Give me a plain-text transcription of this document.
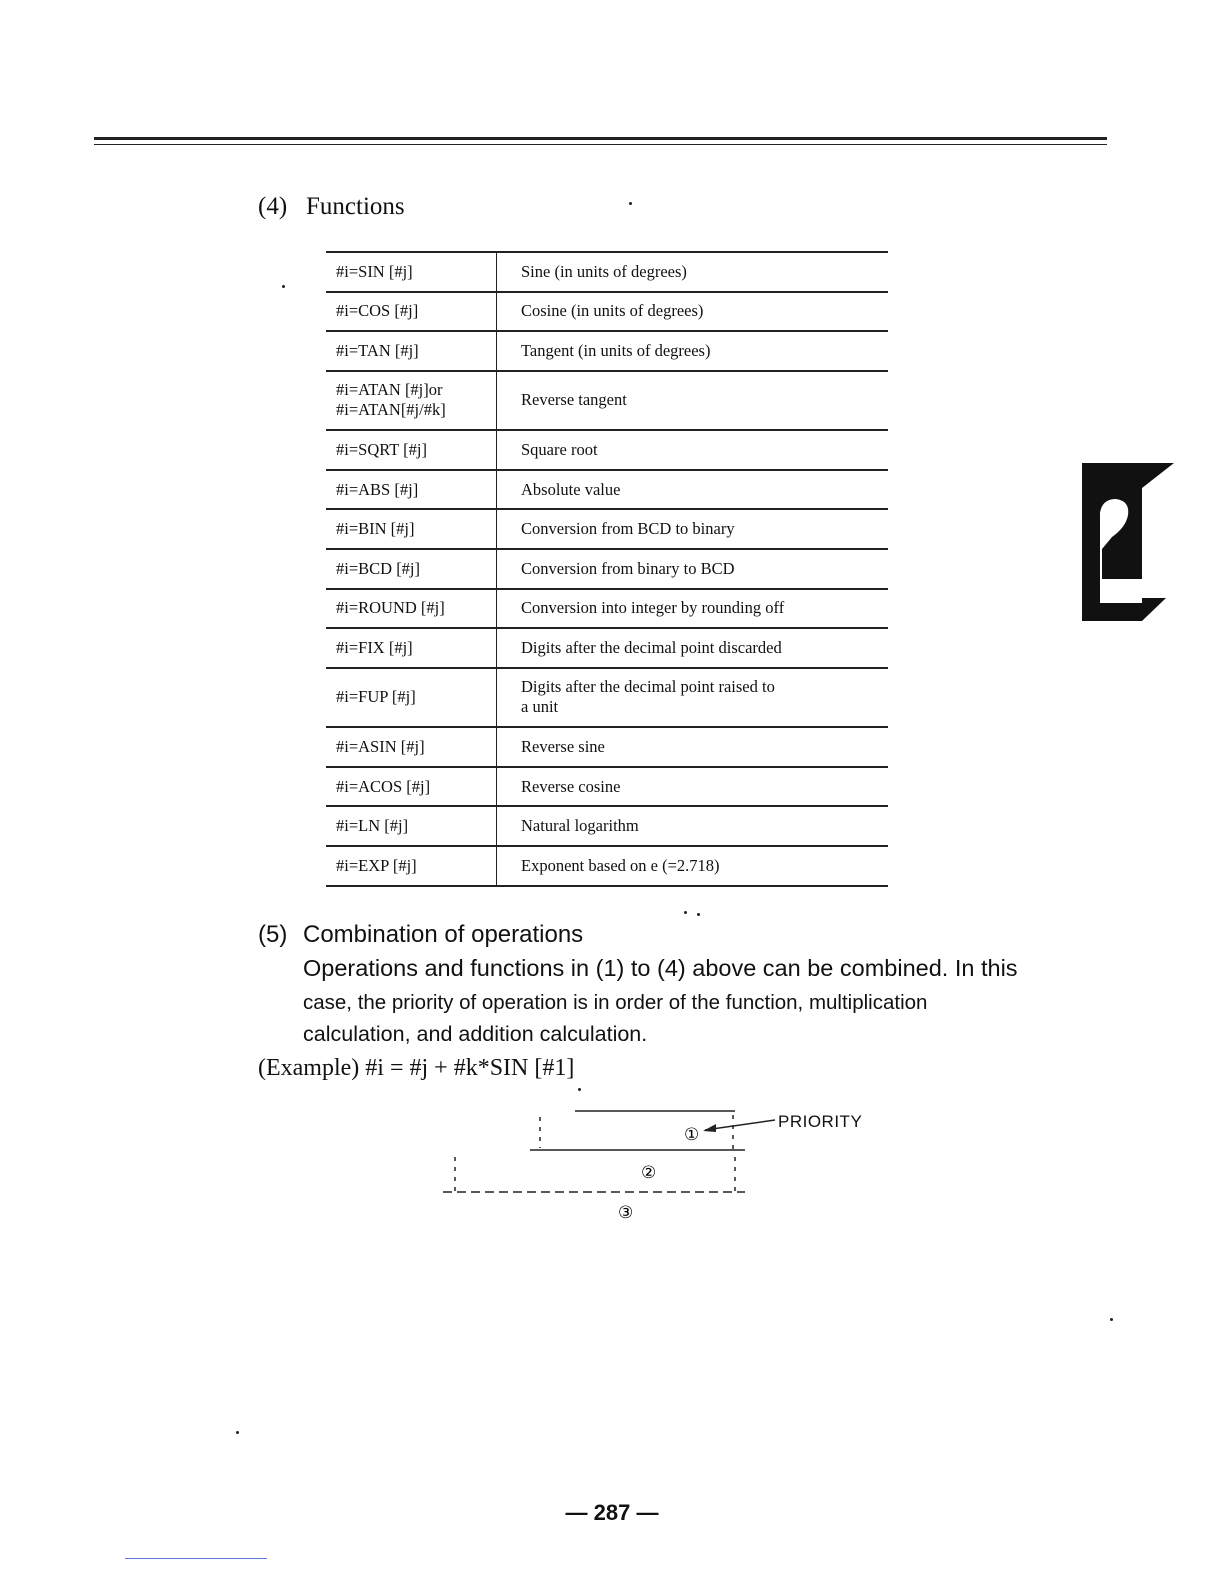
(4) Functions
#i=SIN [#j]	Sine (in units of degrees)

#i=COS [#j]	Cosine (in units of degrees)

#i=TAN [#j]	Tangent (in units of degrees)

#i=ATAN [#j]or
#i=ATAN[#j/#k]	Reverse tangent

#i=SQRT [#j]	Square root

#i=ABS [#j]	Absolute value

#i=BIN [#j]	Conversion from BCD to binary

#i=BCD [#j]	Conversion from binary to BCD

#i=ROUND [#j]	Conversion into integer by rounding off

#i=FIX [#j]	Digits after the decimal point discarded

#i=FUP [#j]	Digits after the decimal point raised to
a unit

#i=ASIN [#j]	Reverse sine

#i=ACOS [#j]	Reverse cosine

#i=LN [#j]	Natural logarithm

#i=EXP [#j]	Exponent based on e (=2.718)
(5) Combination of operations
Operations and functions in (1) to (4) above can be combined. In this
case, the priority of operation is in order of the function, multiplication
calculation, and addition calculation.
(Example) #i = #j + #k*SIN [#1]
①
②
③
PRIORITY
— 287 —
